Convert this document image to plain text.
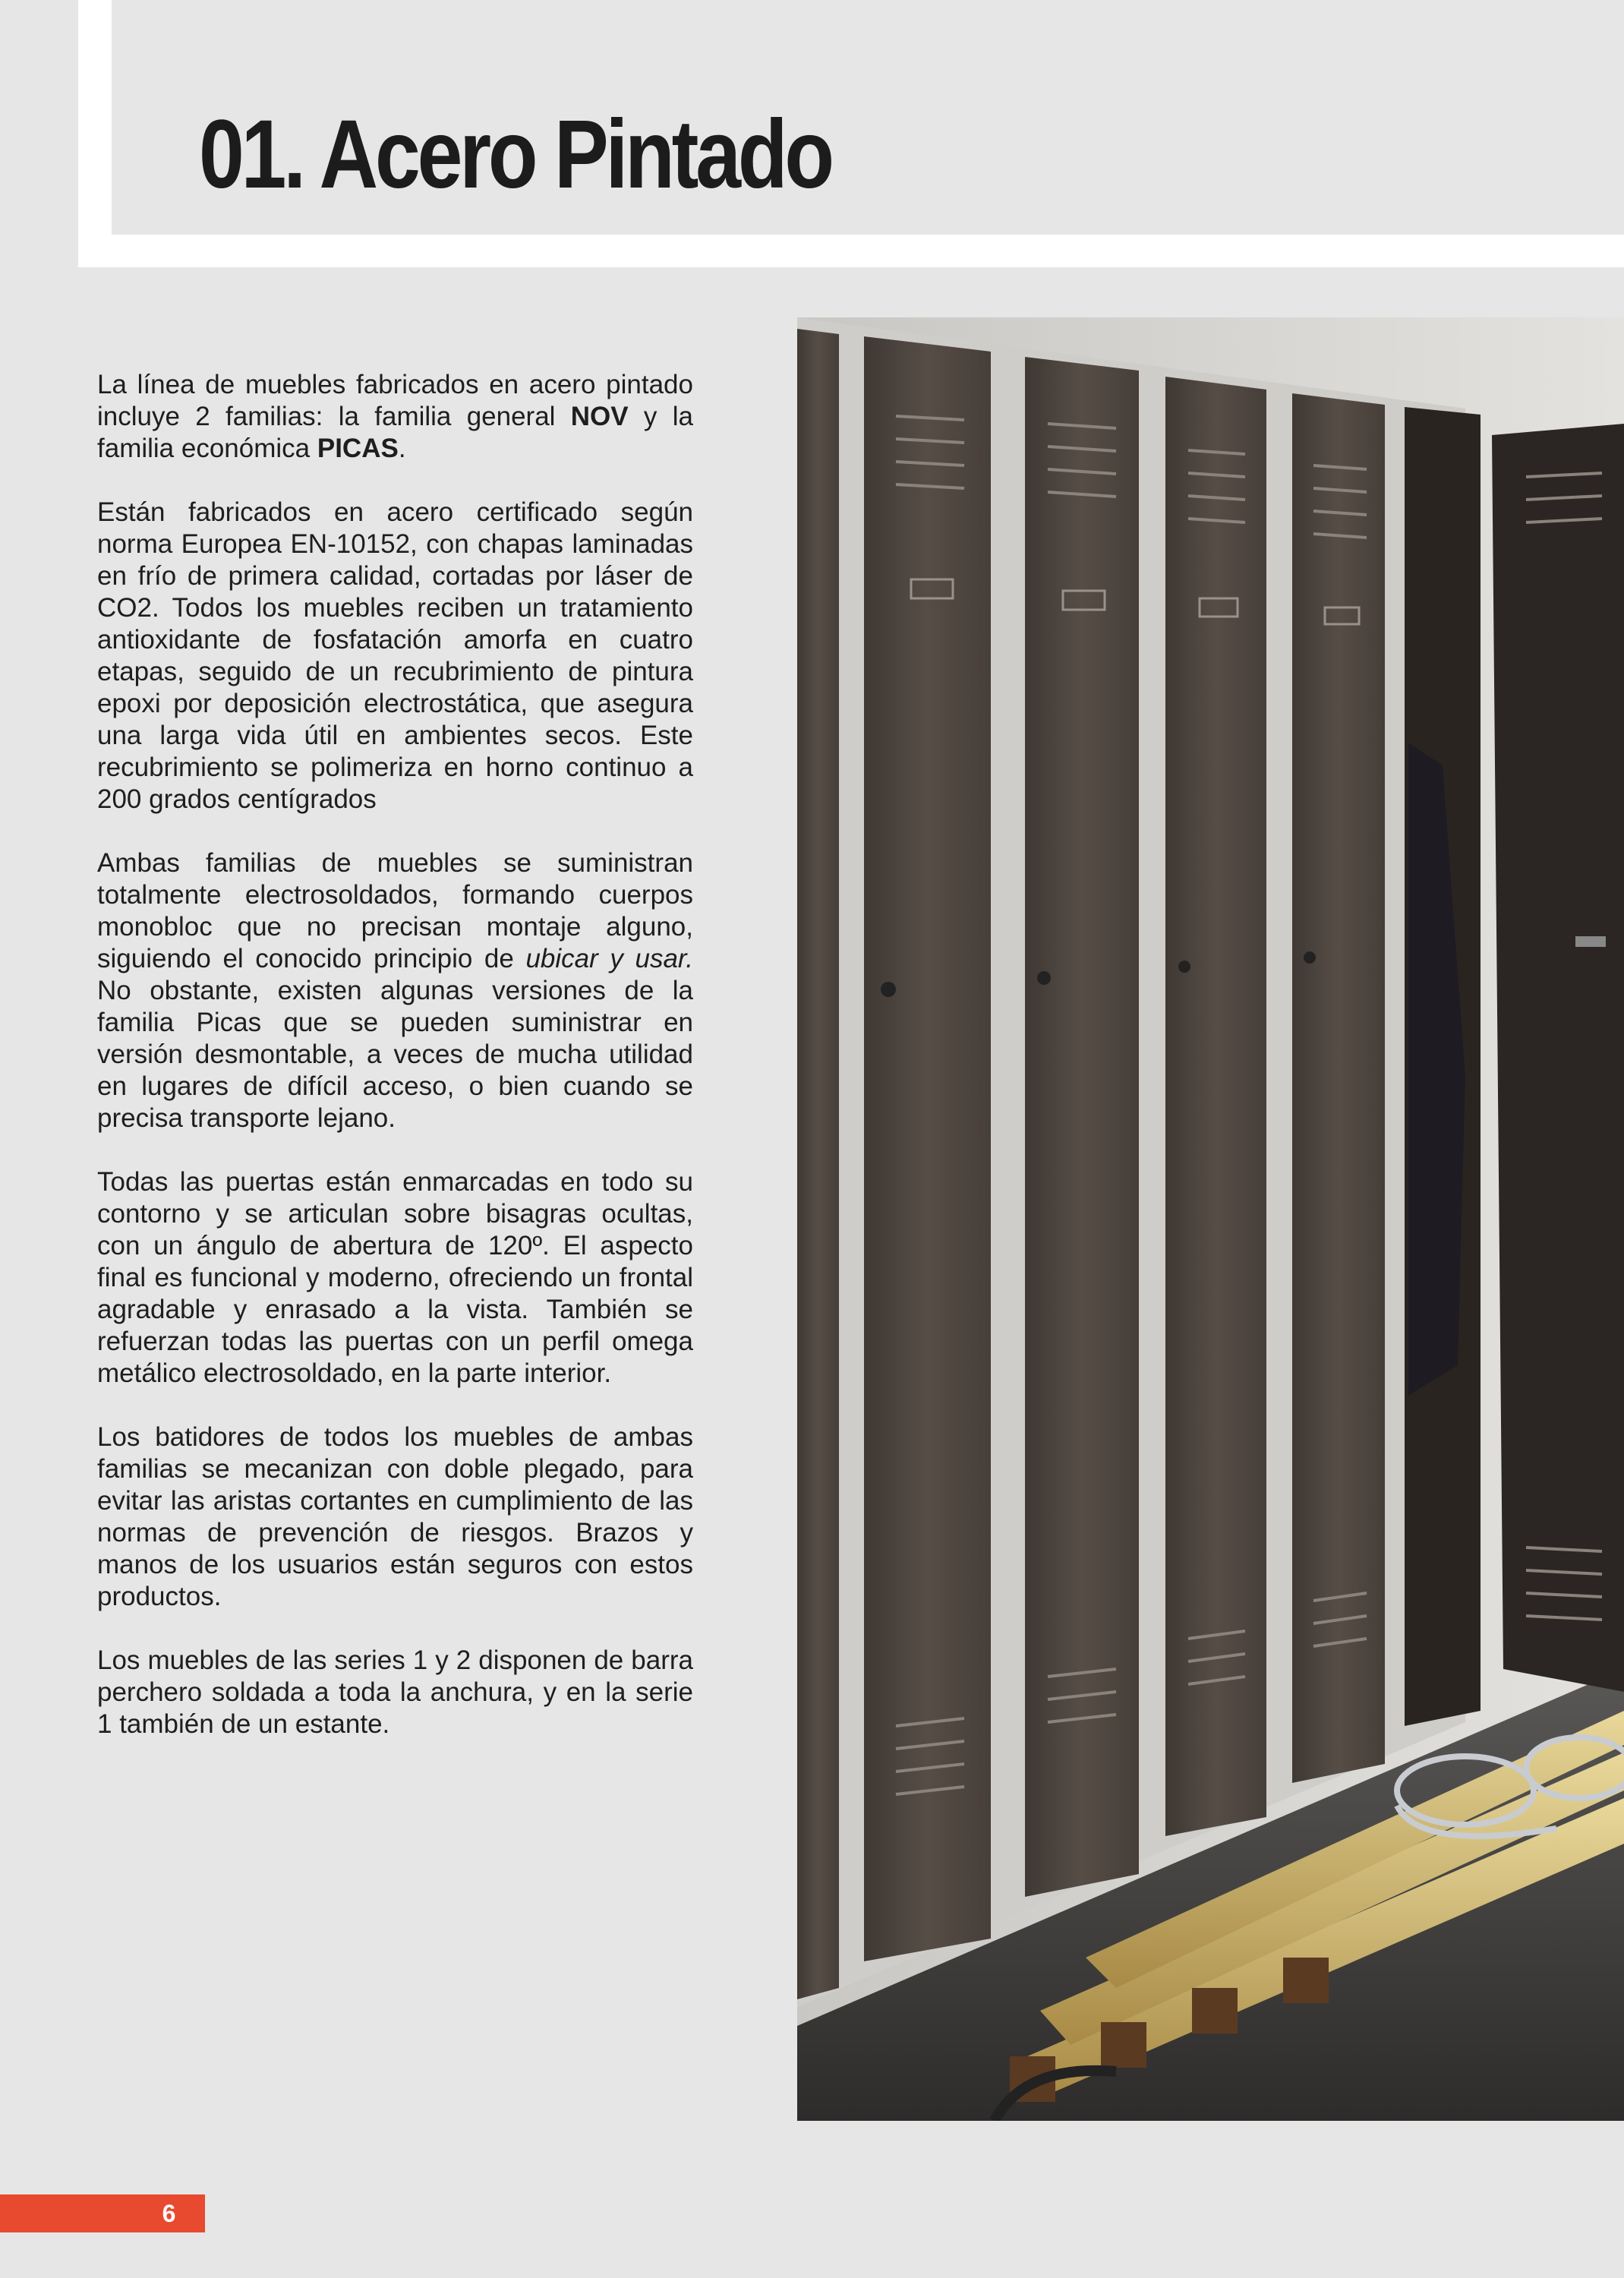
01. Acero Pintado

La línea de muebles fabricados en acero pintado incluye 2 familias: la familia general NOV y la familia económica PICAS.

Están fabricados en acero certificado según norma Europea EN-10152, con chapas laminadas en frío de primera calidad, cortadas por láser de CO2. Todos los muebles reciben un tratamiento antioxidante de fosfatación amorfa en cuatro etapas, seguido de un recubrimiento de pintura epoxi por deposición electrostática, que asegura una larga vida útil en ambientes secos. Este recubrimiento se polimeriza en horno continuo a 200 grados centígrados

Ambas familias de muebles se suministran totalmente electrosoldados, formando cuerpos monobloc que no precisan montaje alguno, siguiendo el conocido principio de ubicar y usar. No obstante, existen algunas versiones de la familia Picas que se pueden suministrar en versión desmontable, a veces de mucha utilidad en lugares de difícil acceso, o bien cuando se precisa transporte lejano.

Todas las puertas están enmarcadas en todo su contorno y se articulan sobre bisagras ocultas, con un ángulo de abertura de 120º. El aspecto final es funcional y moderno, ofreciendo un frontal agradable y enrasado a la vista. También se refuerzan todas las puertas con un perfil omega metálico electrosoldado, en la parte interior.

Los batidores de todos los muebles de ambas familias se mecanizan con doble plegado, para evitar las aristas cortantes en cumplimiento de las normas de prevención de riesgos. Brazos y manos de los usuarios están seguros con estos productos.

Los muebles de las series 1 y 2 disponen de barra perchero soldada a toda la anchura, y en la serie 1 también de un estante.

6
